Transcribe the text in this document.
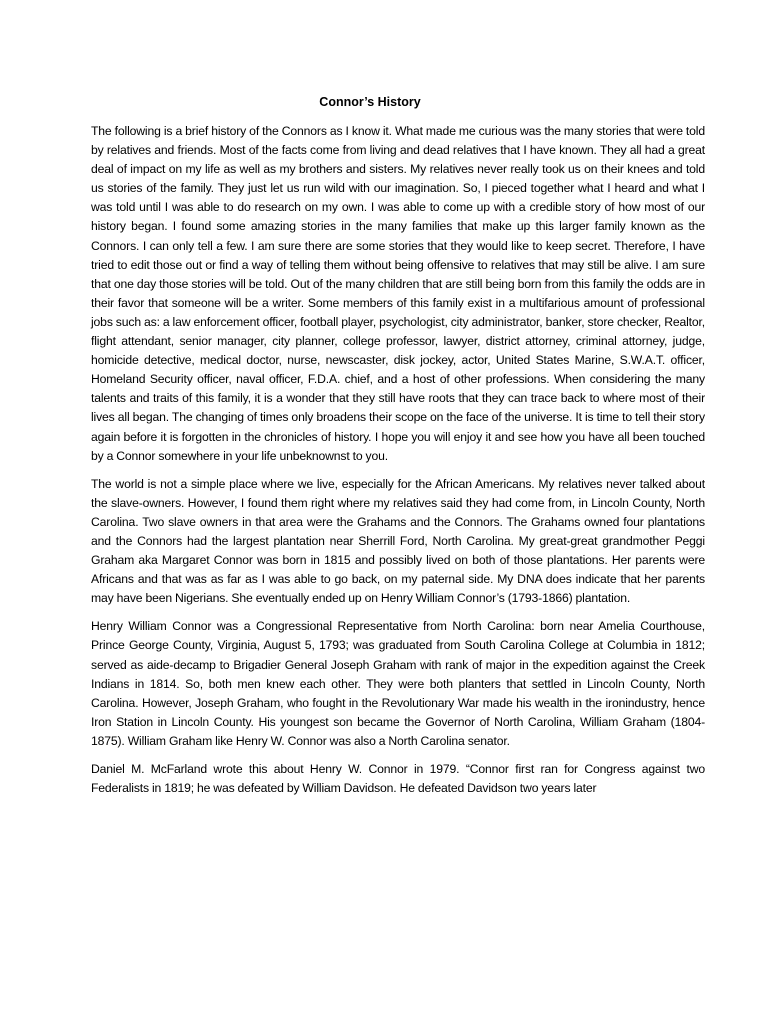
Connor’s History

The following is a brief history of the Connors as I know it. What made me curious was the many stories that were told by relatives and friends. Most of the facts come from living and dead relatives that I have known. They all had a great deal of impact on my life as well as my brothers and sisters. My relatives never really took us on their knees and told us stories of the family. They just let us run wild with our imagination. So, I pieced together what I heard and what I was told until I was able to do research on my own. I was able to come up with a credible story of how most of our history began. I found some amazing stories in the many families that make up this larger family known as the Connors. I can only tell a few. I am sure there are some stories that they would like to keep secret. Therefore, I have tried to edit those out or find a way of telling them without being offensive to relatives that may still be alive. I am sure that one day those stories will be told. Out of the many children that are still being born from this family the odds are in their favor that someone will be a writer. Some members of this family exist in a multifarious amount of professional jobs such as: a law enforcement officer, football player, psychologist, city administrator, banker, store checker, Realtor, flight attendant, senior manager, city planner, college professor, lawyer, district attorney, criminal attorney, judge, homicide detective, medical doctor, nurse, newscaster, disk jockey, actor, United States Marine, S.W.A.T. officer, Homeland Security officer, naval officer, F.D.A. chief, and a host of other professions. When considering the many talents and traits of this family, it is a wonder that they still have roots that they can trace back to where most of their lives all began. The changing of times only broadens their scope on the face of the universe. It is time to tell their story again before it is forgotten in the chronicles of history. I hope you will enjoy it and see how you have all been touched by a Connor somewhere in your life unbeknownst to you.

The world is not a simple place where we live, especially for the African Americans. My relatives never talked about the slave-owners. However, I found them right where my relatives said they had come from, in Lincoln County, North Carolina. Two slave owners in that area were the Grahams and the Connors. The Grahams owned four plantations and the Connors had the largest plantation near Sherrill Ford, North Carolina. My great-great grandmother Peggi Graham aka Margaret Connor was born in 1815 and possibly lived on both of those plantations. Her parents were Africans and that was as far as I was able to go back, on my paternal side. My DNA does indicate that her parents may have been Nigerians. She eventually ended up on Henry William Connor’s (1793-1866) plantation.

Henry William Connor was a Congressional Representative from North Carolina: born near Amelia Courthouse, Prince George County, Virginia, August 5, 1793; was graduated from South Carolina College at Columbia in 1812; served as aide-decamp to Brigadier General Joseph Graham with rank of major in the expedition against the Creek Indians in 1814. So, both men knew each other. They were both planters that settled in Lincoln County, North Carolina. However, Joseph Graham, who fought in the Revolutionary War made his wealth in the ironindustry, hence Iron Station in Lincoln County. His youngest son became the Governor of North Carolina, William Graham (1804-1875). William Graham like Henry W. Connor was also a North Carolina senator.

Daniel M. McFarland wrote this about Henry W. Connor in 1979. “Connor first ran for Congress against two Federalists in 1819; he was defeated by William Davidson. He defeated Davidson two years later
